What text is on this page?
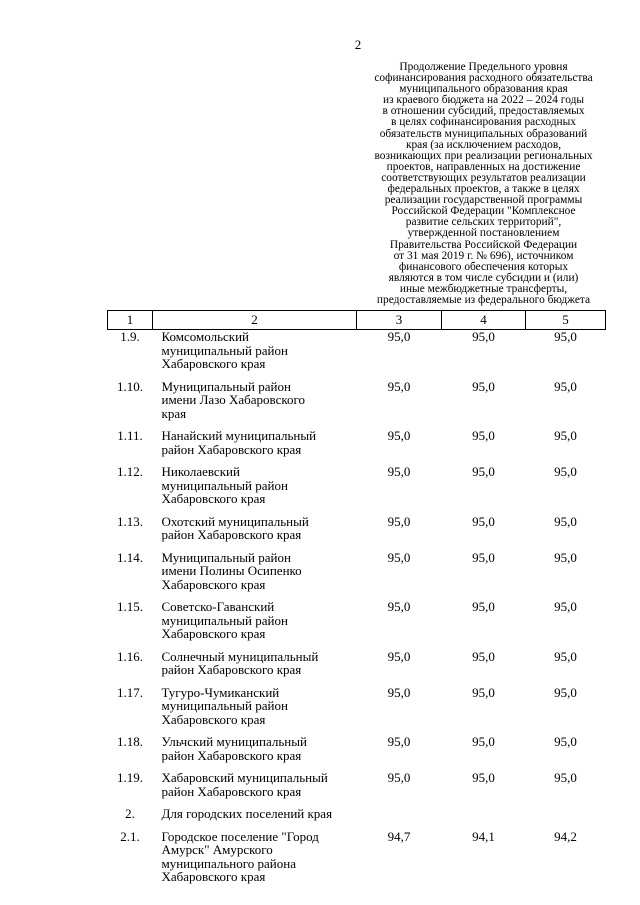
2
Продолжение Предельного уровня
софинансирования расходного обязательства
муниципального образования края
из краевого бюджета на 2022 – 2024 годы
в отношении субсидий, предоставляемых
в целях софинансирования расходных
обязательств муниципальных образований
края (за исключением расходов,
возникающих при реализации региональных
проектов, направленных на достижение
соответствующих результатов реализации
федеральных проектов, а также в целях
реализации государственной программы
Российской Федерации "Комплексное
развитие сельских территорий",
утвержденной постановлением
Правительства Российской Федерации
от 31 мая 2019 г. № 696), источником
финансового обеспечения которых
являются в том числе субсидии и (или)
иные межбюджетные трансферты,
предоставляемые из федерального бюджета
1	2	3	4	5
1.9.	Комсомольский
муниципальный район
Хабаровского края	95,0	95,0	95,0
1.10.	Муниципальный район
имени Лазо Хабаровского
края	95,0	95,0	95,0
1.11.	Нанайский муниципальный
район Хабаровского края	95,0	95,0	95,0
1.12.	Николаевский
муниципальный район
Хабаровского края	95,0	95,0	95,0
1.13.	Охотский муниципальный
район Хабаровского края	95,0	95,0	95,0
1.14.	Муниципальный район
имени Полины Осипенко
Хабаровского края	95,0	95,0	95,0
1.15.	Советско-Гаванский
муниципальный район
Хабаровского края	95,0	95,0	95,0
1.16.	Солнечный муниципальный
район Хабаровского края	95,0	95,0	95,0
1.17.	Тугуро-Чумиканский
муниципальный район
Хабаровского края	95,0	95,0	95,0
1.18.	Ульчский муниципальный
район Хабаровского края	95,0	95,0	95,0
1.19.	Хабаровский муниципальный
район Хабаровского края	95,0	95,0	95,0
2.	Для городских поселений края			

2.1.	Городское поселение "Город
Амурск" Амурского
муниципального района
Хабаровского края	94,7	94,1	94,2
